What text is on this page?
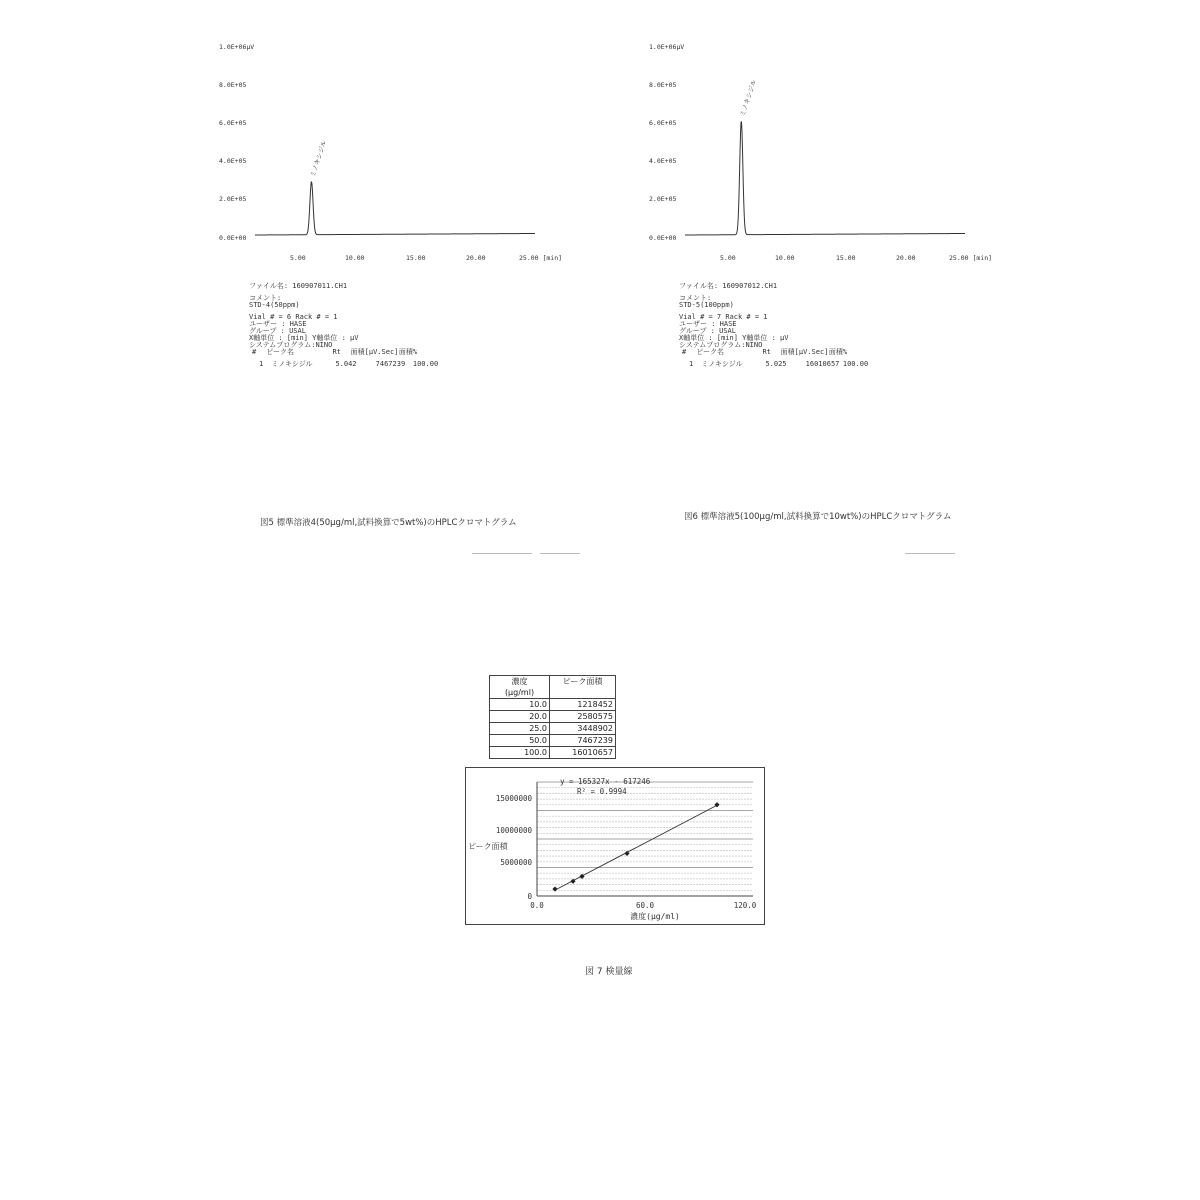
1.0E+06μV
8.0E+05
6.0E+05
4.0E+05
2.0E+05
0.0E+00
ミノキシジル
5.00	10.00	15.00	20.00	25.00 [min]
ファイル名: 160907011.CH1
コメント:
STD-4(50ppm)
Vial # = 6 Rack # = 1
ユーザー : HASE
グループ : USAL
X軸単位 : [min] Y軸単位 : μV
システムプログラム:NINO
# ピーク名	Rt 面積[μV.Sec] 面積%
1 ミノキシジル	5.042	7467239 100.00
図5 標準溶液4(50μg/ml,試料換算で5wt%)のHPLCクロマトグラム
1.0E+06μV
8.0E+05
6.0E+05
4.0E+05
2.0E+05
0.0E+00
ミノキシジル
5.00	10.00	15.00	20.00	25.00 [min]
ファイル名: 160907012.CH1
コメント:
STD-5(100ppm)
Vial # = 7 Rack # = 1
ユーザー : HASE
グループ : USAL
X軸単位 : [min] Y軸単位 : μV
システムプログラム:NINO
# ピーク名	Rt 面積[μV.Sec] 面積%
1 ミノキシジル	5.025	16010657 100.00
図6 標準溶液5(100μg/ml,試料換算で10wt%)のHPLCクロマトグラム
濃度
(μg/ml)	ピーク面積
10.0	1218452
20.0	2580575
25.0	3448902
50.0	7467239
100.0	16010657
15000000
10000000
5000000
0
0.0	60.0	120.0
ピーク面積
濃度(μg/ml)
y = 165327x - 617246
R² = 0.9994
図 7 検量線
